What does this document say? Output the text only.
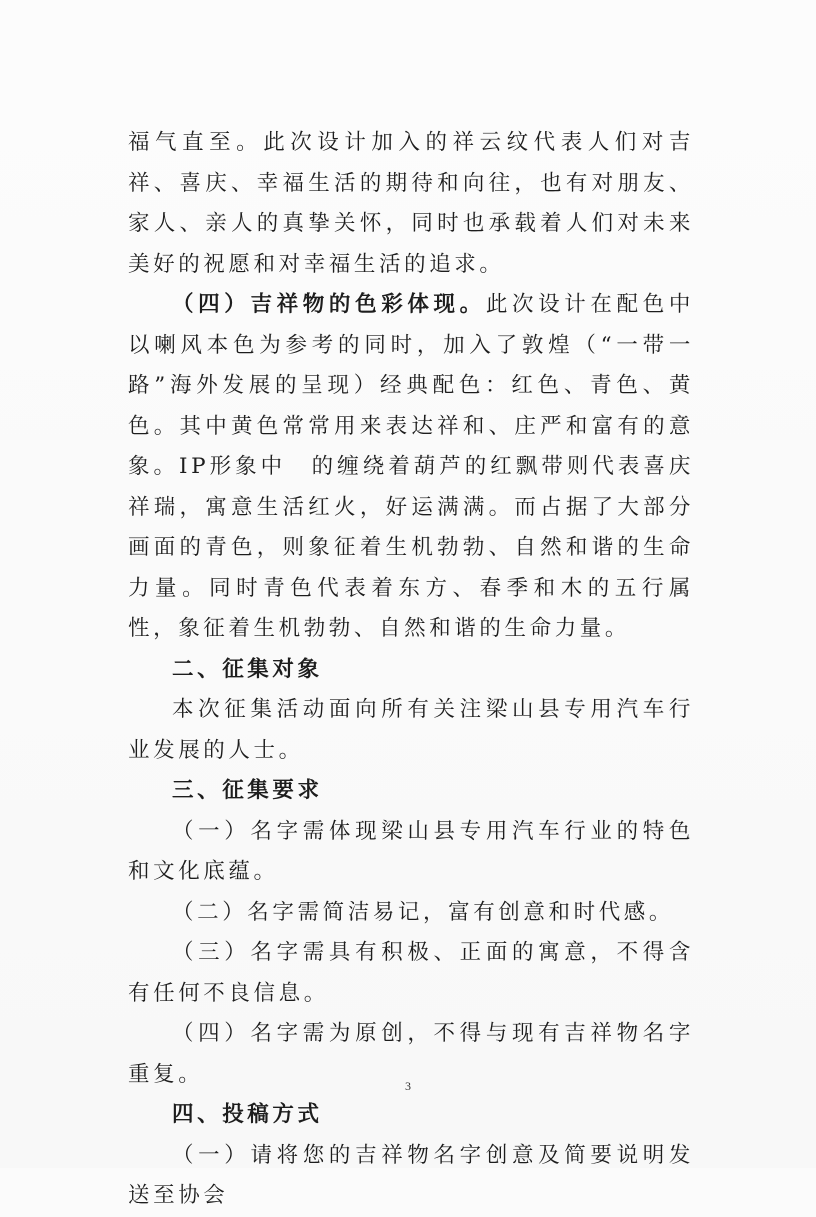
福气直至。此次设计加入的祥云纹代表人们对吉祥、喜庆、幸福生活的期待和向往，也有对朋友、家人、亲人的真挚关怀，同时也承载着人们对未来美好的祝愿和对幸福生活的追求。

（四）吉祥物的色彩体现。此次设计在配色中以喇风本色为参考的同时，加入了敦煌（“一带一路”海外发展的呈现）经典配色：红色、青色、黄色。其中黄色常常用来表达祥和、庄严和富有的意象。IP形象中　的缠绕着葫芦的红飘带则代表喜庆祥瑞，寓意生活红火，好运满满。而占据了大部分画面的青色，则象征着生机勃勃、自然和谐的生命力量。同时青色代表着东方、春季和木的五行属性，象征着生机勃勃、自然和谐的生命力量。

二、征集对象

本次征集活动面向所有关注梁山县专用汽车行业发展的人士。

三、征集要求

（一）名字需体现梁山县专用汽车行业的特色和文化底蕴。

（二）名字需简洁易记，富有创意和时代感。

（三）名字需具有积极、正面的寓意，不得含有任何不良信息。

（四）名字需为原创，不得与现有吉祥物名字重复。

四、投稿方式

（一）请将您的吉祥物名字创意及简要说明发送至协会

3
